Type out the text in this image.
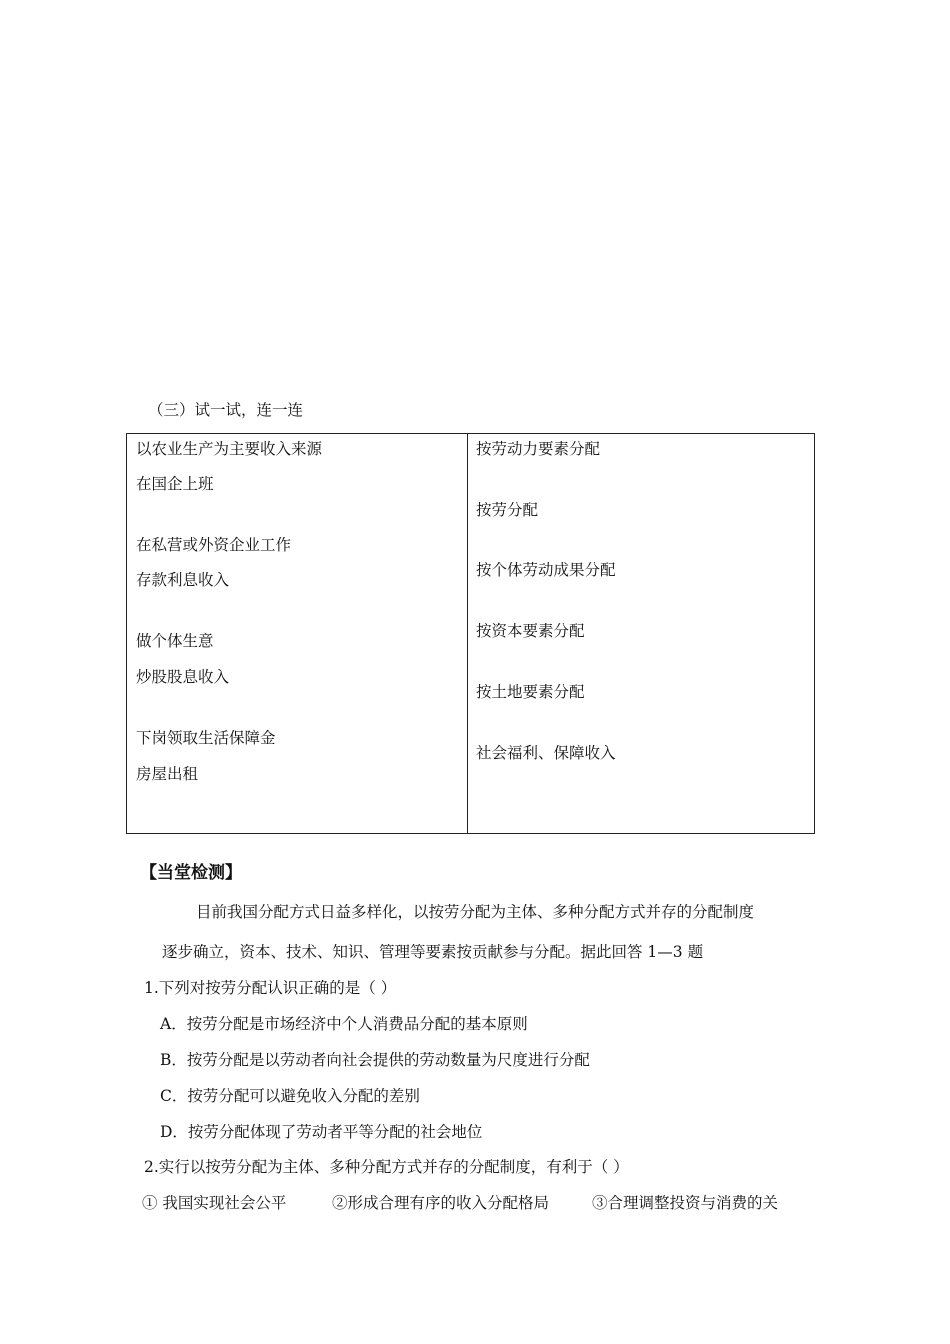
（三）试一试，连一连
以农业生产为主要收入来源
在国企上班
在私营或外资企业工作
存款利息收入
做个体生意
炒股股息收入
下岗领取生活保障金
房屋出租
按劳动力要素分配
按劳分配
按个体劳动成果分配
按资本要素分配
按土地要素分配
社会福利、保障收入
【当堂检测】
目前我国分配方式日益多样化，以按劳分配为主体、多种分配方式并存的分配制度
逐步确立，资本、技术、知识、管理等要素按贡献参与分配。据此回答 1—3 题
1.下列对按劳分配认识正确的是（ ）
A．按劳分配是市场经济中个人消费品分配的基本原则
B．按劳分配是以劳动者向社会提供的劳动数量为尺度进行分配
C．按劳分配可以避免收入分配的差别
D．按劳分配体现了劳动者平等分配的社会地位
2.实行以按劳分配为主体、多种分配方式并存的分配制度，有利于（ ）
① 我国实现社会公平	②形成合理有序的收入分配格局	③合理调整投资与消费的关
